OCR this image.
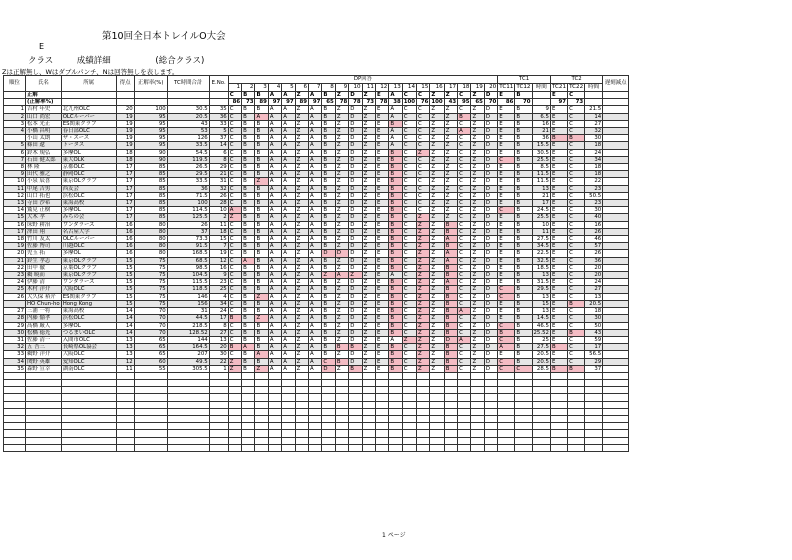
第10回全日本トレイルO大会
E
クラス	成績詳細	(総合クラス)
Zは正解無し、Wはダブルパンチ、Nは回答無しを表します。
順位	氏名	所属	得点	正解率(%)	TC時間合計	E.No.	DP回答																				TC1			TC2			遅刻減点
							1	2	3	4	5	6	7	8	9	10	11	12	13	14	15	16	17	18	19	20	TC11	TC12	時間	TC21	TC22	時間	
	正解						C	B	B	A	A	Z	A	B	Z	D	Z	E	A	C	C	Z	Z	C	Z	D	E	B		E	C		
	(正解率%)						86	73	89	97	97	89	97	65	78	78	73	78	38	100	76	100	43	95	65	70	86	70		97	73		
1	吉村 年史	北九州OLC	20	100	30.5	35	C	B	B	A	A	Z	A	B	Z	D	Z	E	A	C	C	Z	Z	C	Z	D	E	B	9	E	C	21.5	
2	山口 尚宏	OLCルーパー	19	95	20.5	36	C	B	A	A	A	Z	A	B	Z	D	Z	E	A	C	C	Z	Z	B	Z	D	E	B	6.5	E	C	14	
3	松本 光正	ES関東クラブ	19	95	43	33	C	B	B	A	A	Z	A	B	Z	D	Z	E	B	C	C	Z	Z	C	Z	D	E	B	16	E	C	27	
4	小橋 昌明	春日部OLC	19	95	53	5	C	B	B	A	A	Z	A	B	Z	D	Z	E	A	C	C	Z	Z	A	Z	D	E	B	21	E	C	32	
	小山 太朗	ザ・スース	19	95	126	37	C	B	B	A	A	Z	A	B	Z	D	Z	E	A	C	C	Z	Z	C	Z	D	E	B	36	B	B	30	
5	篠田 遼	トータス	19	95	33.5	14	C	B	B	A	A	Z	A	B	Z	D	Z	E	A	C	C	Z	Z	C	Z	D	E	B	15.5	E	C	18	
6	鈴木 規弘	多摩OL	18	90	54.5	6	C	B	B	A	A	Z	A	B	Z	D	Z	E	B	C	Z	Z	Z	C	Z	D	E	B	30.5	E	C	24	
7	石田 健太郎	東大OLK	18	90	119.5	8	C	B	B	A	A	Z	A	B	Z	D	Z	E	B	C	C	Z	Z	C	Z	D	C	B	25.5	E	C	34	
8	林 隆	京都OLC	17	85	26.5	29	C	B	B	A	A	Z	A	B	Z	D	Z	E	B	C	C	Z	Z	C	Z	D	E	B	8.5	E	C	18	
9	田代 雅之	静岡OLC	17	85	29.5	21	C	B	B	A	A	Z	A	B	Z	D	Z	E	B	C	C	Z	Z	C	Z	D	E	B	11.5	E	C	18	
10	小泉 辰喜	東京OLクラブ	17	85	33.5	31	C	B	Z	A	A	Z	A	B	Z	D	Z	E	B	C	C	Z	Z	C	Z	D	E	B	11.5	E	C	22	
11	中尾 吉男	西友会	17	85	36	32	C	B	B	A	A	Z	A	B	Z	D	Z	E	B	C	C	Z	Z	C	Z	D	E	B	13	E	C	23	
12	山口 拓也	浜松OLC	17	85	71.5	26	C	B	B	A	A	Z	A	B	Z	D	Z	E	B	C	C	Z	Z	C	Z	D	E	B	21	E	C	50.5	
13	寺田 沙希	東海高校	17	85	100	28	C	B	B	A	A	Z	A	B	Z	D	Z	E	B	C	C	Z	Z	C	Z	D	E	B	17	E	C	23	
14	鷲見 正樹	多摩OL	17	85	114.5	10	A	B	B	A	A	Z	A	B	Z	D	Z	E	B	C	C	Z	Z	C	Z	D	C	B	24.5	E	C	30	
15	大木 孝	みちの会	17	85	125.5	2	Z	B	B	A	A	Z	A	B	Z	D	Z	E	B	C	Z	Z	Z	C	Z	D	E	B	25.5	E	C	40	
16	床野 耕治	ワンダラーズ	16	80	26	11	C	B	B	A	A	Z	A	B	Z	D	Z	E	B	C	Z	Z	B	C	Z	D	E	B	10	E	C	16	
17	澤田 翔	名古屋大学	16	80	37	18	C	B	B	A	A	Z	A	B	Z	D	Z	E	B	C	Z	Z	B	C	Z	D	E	B	11	E	C	26	
18	竹川 友太	OLCルーパー	16	80	73.3	15	C	B	B	A	A	Z	A	B	Z	D	Z	E	B	C	Z	Z	A	C	Z	D	E	B	27.5	E	C	46	
19	佐藤 博司	川越OLC	16	80	91.5	7	C	B	B	A	A	Z	A	B	Z	D	Z	E	B	C	Z	Z	B	C	Z	D	E	B	34.5	E	C	57	
20	児玉 拓	多摩OL	16	80	168.5	19	C	B	B	A	A	Z	A	D	D	D	Z	E	B	C	Z	Z	A	C	Z	D	E	B	22.5	E	C	26	
21	鈴生 孝志	東京OLクラブ	15	75	68.5	12	C	A	B	A	A	Z	A	B	Z	D	Z	E	B	C	Z	Z	A	C	Z	D	E	B	32.5	E	C	36	
22	田中 徹	京葉OLクラブ	15	75	98.5	16	C	B	B	A	A	Z	A	B	Z	D	Z	E	B	C	Z	Z	B	C	Z	D	E	B	18.5	E	C	20	
23	鵜 暁而	東京OLクラブ	15	75	104.5	9	C	B	B	A	A	Z	A	Z	A	Z	Z	E	A	C	Z	Z	B	C	Z	D	E	B	13	E	C	20	
24	伊藤 清	ワンダラーズ	15	75	115.5	23	C	B	B	A	A	Z	A	B	Z	D	Z	E	B	C	Z	Z	A	C	Z	D	E	B	31.5	E	C	24	
25	木村 洋介	大阪OLC	15	75	118.5	25	C	B	B	A	A	Z	A	B	Z	D	Z	E	B	C	Z	Z	B	C	Z	D	C	B	29.5	E	C	27	
26	大久保 裕介	ES関東クラブ	15	75	146	4	C	B	Z	A	A	Z	A	B	Z	D	Z	E	B	C	Z	Z	B	C	Z	D	C	B	13	E	C	13	
	HO Chun-ho	Hong Kong	15	75	156	34	C	B	B	A	A	Z	A	B	Z	D	Z	E	B	C	Z	Z	B	C	Z	D	E	B	15	E	B	20.5	
27	三浦 一将	東海高校	14	70	31	24	C	B	B	A	A	Z	A	B	Z	D	Z	E	B	C	Z	Z	B	A	Z	D	E	B	13	E	C	18	
28	内藤 愉孝	浜松OLC	14	70	44.5	17	B	B	Z	A	A	Z	A	B	Z	D	Z	E	B	C	Z	Z	B	C	Z	D	E	B	14.5	E	C	30	
29	高橋 厳人	多摩OL	14	70	218.5	8	C	B	B	A	A	Z	A	B	Z	D	Z	E	B	C	Z	Z	B	C	Z	D	C	B	46.5	E	C	50	
30	松橋 徳光	つるまいOLC	14	70	128.52	27	C	B	B	A	A	Z	A	B	Z	D	Z	E	B	C	Z	Z	B	C	Z	D	B	B	25.52	E	B	43	
31	佐藤 清一	入間市OLC	13	65	144	13	C	B	B	A	A	Z	A	B	Z	D	Z	E	A	Z	Z	Z	D	A	Z	D	C	B	25	E	C	59	
32	五 吾三	長崎県OL協会	13	65	164.5	20	B	A	B	A	A	Z	A	B	B	B	Z	E	B	C	Z	Z	B	C	Z	D	A	B	27.5	B	C	17	
33	鵜野 洋介	大阪OLC	13	65	207	30	C	B	A	A	A	Z	A	B	Z	D	Z	E	B	C	Z	Z	B	C	Z	D	E	B	20.5	E	C	56.5	
34	関野 英雄	愛知OLC	12	60	49.5	22	Z	B	B	A	A	Z	A	C	B	D	Z	E	B	C	Z	Z	B	C	Z	D	C	B	20.5	E	C	29	
35	森野 宣幸	湖南OLC	11	55	305.5	1	Z	B	Z	A	A	Z	A	D	Z	B	Z	E	B	C	Z	Z	B	C	Z	D	C	C	28.5	B	B	37	

1 ページ
